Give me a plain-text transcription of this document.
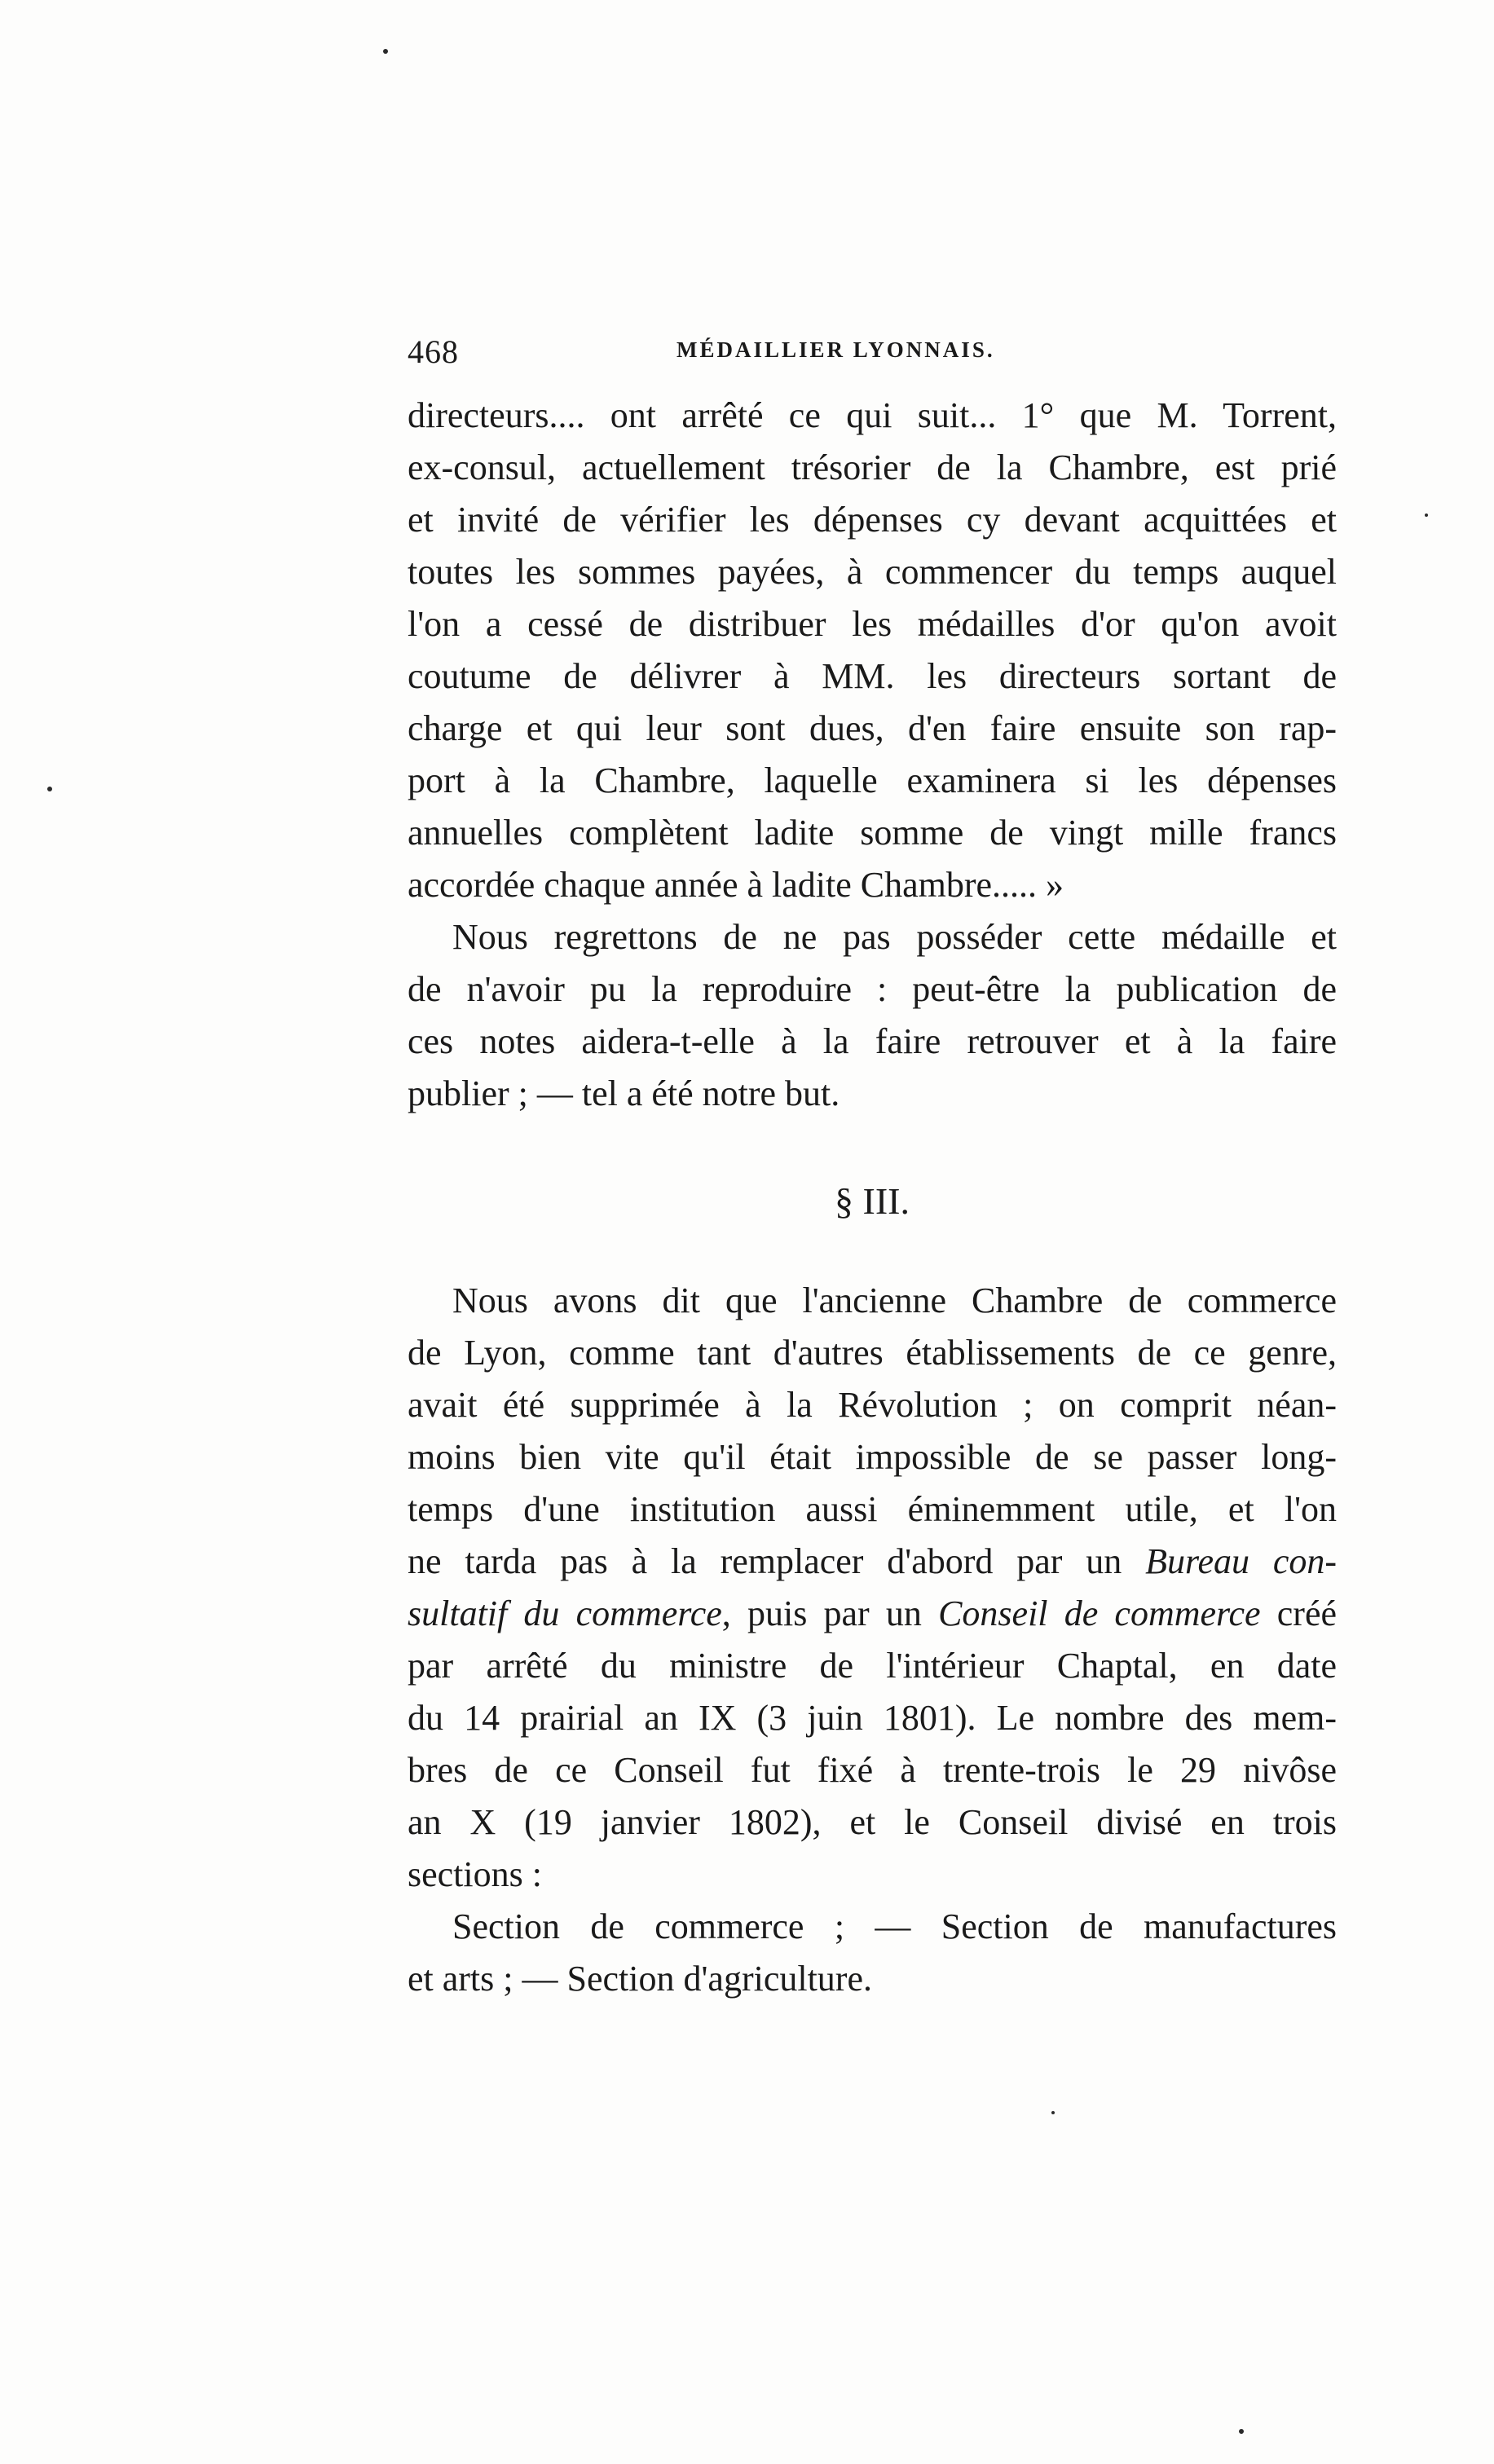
468	MÉDAILLIER LYONNAIS.
directeurs.... ont arrêté ce qui suit... 1° que M. Torrent,
ex-consul, actuellement trésorier de la Chambre, est prié
et invité de vérifier les dépenses cy devant acquittées et
toutes les sommes payées, à commencer du temps auquel
l'on a cessé de distribuer les médailles d'or qu'on avoit
coutume de délivrer à MM. les directeurs sortant de
charge et qui leur sont dues, d'en faire ensuite son rap-
port à la Chambre, laquelle examinera si les dépenses
annuelles complètent ladite somme de vingt mille francs
accordée chaque année à ladite Chambre..... »
Nous regrettons de ne pas posséder cette médaille et
de n'avoir pu la reproduire : peut-être la publication de
ces notes aidera-t-elle à la faire retrouver et à la faire
publier ; — tel a été notre but.
§ III.
Nous avons dit que l'ancienne Chambre de commerce
de Lyon, comme tant d'autres établissements de ce genre,
avait été supprimée à la Révolution ; on comprit néan-
moins bien vite qu'il était impossible de se passer long-
temps d'une institution aussi éminemment utile, et l'on
ne tarda pas à la remplacer d'abord par un Bureau con-
sultatif du commerce, puis par un Conseil de commerce créé
par arrêté du ministre de l'intérieur Chaptal, en date
du 14 prairial an IX (3 juin 1801). Le nombre des mem-
bres de ce Conseil fut fixé à trente-trois le 29 nivôse
an X (19 janvier 1802), et le Conseil divisé en trois
sections :
Section de commerce ; — Section de manufactures
et arts ; — Section d'agriculture.
